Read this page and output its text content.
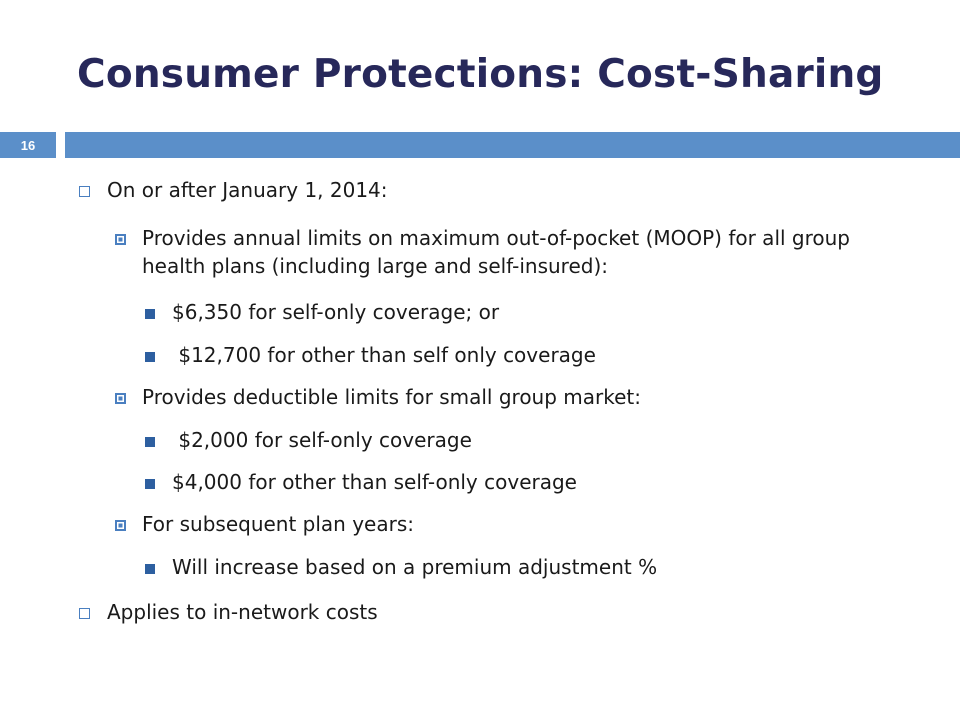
Consumer Protections: Cost-Sharing
16
On or after January 1, 2014:
Provides annual limits on maximum out-of-pocket (MOOP) for all group health plans (including large and self-insured):
$6,350 for self-only coverage; or
$12,700 for other than self only coverage
Provides deductible limits for small group market:
$2,000 for self-only coverage
$4,000 for other than self-only coverage
For subsequent plan years:
Will increase based on a premium adjustment %
Applies to in-network costs
